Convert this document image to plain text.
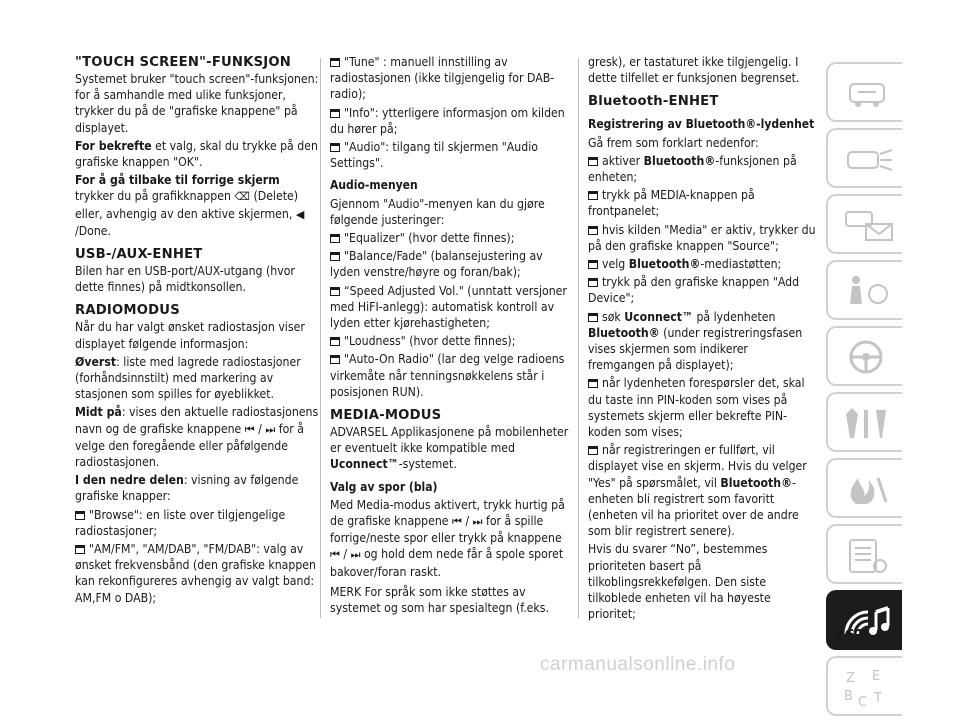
"TOUCH SCREEN"-FUNKSJON

Systemet bruker "touch screen"-funksjonen: for å samhandle med ulike funksjoner, trykker du på de "grafiske knappene" på displayet.

For bekrefte et valg, skal du trykke på den grafiske knappen "OK".

For å gå tilbake til forrige skjerm trykker du på grafikknappen ⌫ (Delete) eller, avhengig av den aktive skjermen, ◀
/Done.

USB-/AUX-ENHET

Bilen har en USB-port/AUX-utgang (hvor dette finnes) på midtkonsollen.

RADIOMODUS

Når du har valgt ønsket radiostasjon viser displayet følgende informasjon:

Øverst: liste med lagrede radiostasjoner (forhåndsinnstilt) med markering av stasjonen som spilles for øyeblikket.

Midt på: vises den aktuelle radiostasjonens navn og de grafiske knappene ⏮ / ⏭ for å velge den foregående eller påfølgende radiostasjonen.

I den nedre delen: visning av følgende grafiske knapper:

"Browse": en liste over tilgjengelige radiostasjoner;

"AM/FM", "AM/DAB", "FM/DAB": valg av ønsket frekvensbånd (den grafiske knappen kan rekonfigureres avhengig av valgt band: AM,FM o DAB);

"Tune" : manuell innstilling av radiostasjonen (ikke tilgjengelig for DAB-radio);

"Info": ytterligere informasjon om kilden du hører på;

"Audio": tilgang til skjermen "Audio Settings".

Audio-menyen

Gjennom "Audio"-menyen kan du gjøre følgende justeringer:

"Equalizer" (hvor dette finnes);

"Balance/Fade" (balansejustering av lyden venstre/høyre og foran/bak);

“Speed Adjusted Vol." (unntatt versjoner med HiFI-anlegg): automatisk kontroll av lyden etter kjørehastigheten;

"Loudness" (hvor dette finnes);

"Auto-On Radio" (lar deg velge radioens virkemåte når tenningsnøkkelens står i posisjonen RUN).

MEDIA-MODUS

ADVARSEL Applikasjonene på mobilenheter er eventuelt ikke kompatible med Uconnect™-systemet.

Valg av spor (bla)

Med Media-modus aktivert, trykk hurtig på de grafiske knappene ⏮ / ⏭ for å spille forrige/neste spor eller trykk på knappene ⏮ / ⏭ og hold dem nede får å spole sporet bakover/foran raskt.

MERK For språk som ikke støttes av systemet og som har spesialtegn (f.eks.

gresk), er tastaturet ikke tilgjengelig. I dette tilfellet er funksjonen begrenset.

Bluetooth-ENHET
Registrering av Bluetooth®-lydenhet

Gå frem som forklart nedenfor:

aktiver Bluetooth®-funksjonen på enheten;

trykk på MEDIA-knappen på frontpanelet;

hvis kilden "Media" er aktiv, trykker du på den grafiske knappen "Source";

velg Bluetooth®-mediastøtten;

trykk på den grafiske knappen "Add Device";

søk Uconnect™ på lydenheten Bluetooth® (under registreringsfasen vises skjermen som indikerer fremgangen på displayet);

når lydenheten forespørsler det, skal du taste inn PIN-koden som vises på systemets skjerm eller bekrefte PIN-koden som vises;

når registreringen er fullført, vil displayet vise en skjerm. Hvis du velger "Yes" på spørsmålet, vil Bluetooth®-enheten bli registrert som favoritt (enheten vil ha prioritet over de andre som blir registrert senere).

Hvis du svarer “No”, bestemmes prioriteten basert på tilkoblingsrekkefølgen. Den siste tilkoblede enheten vil ha høyeste prioritet;

Z E
B C T
261
carmanualsonline.info
